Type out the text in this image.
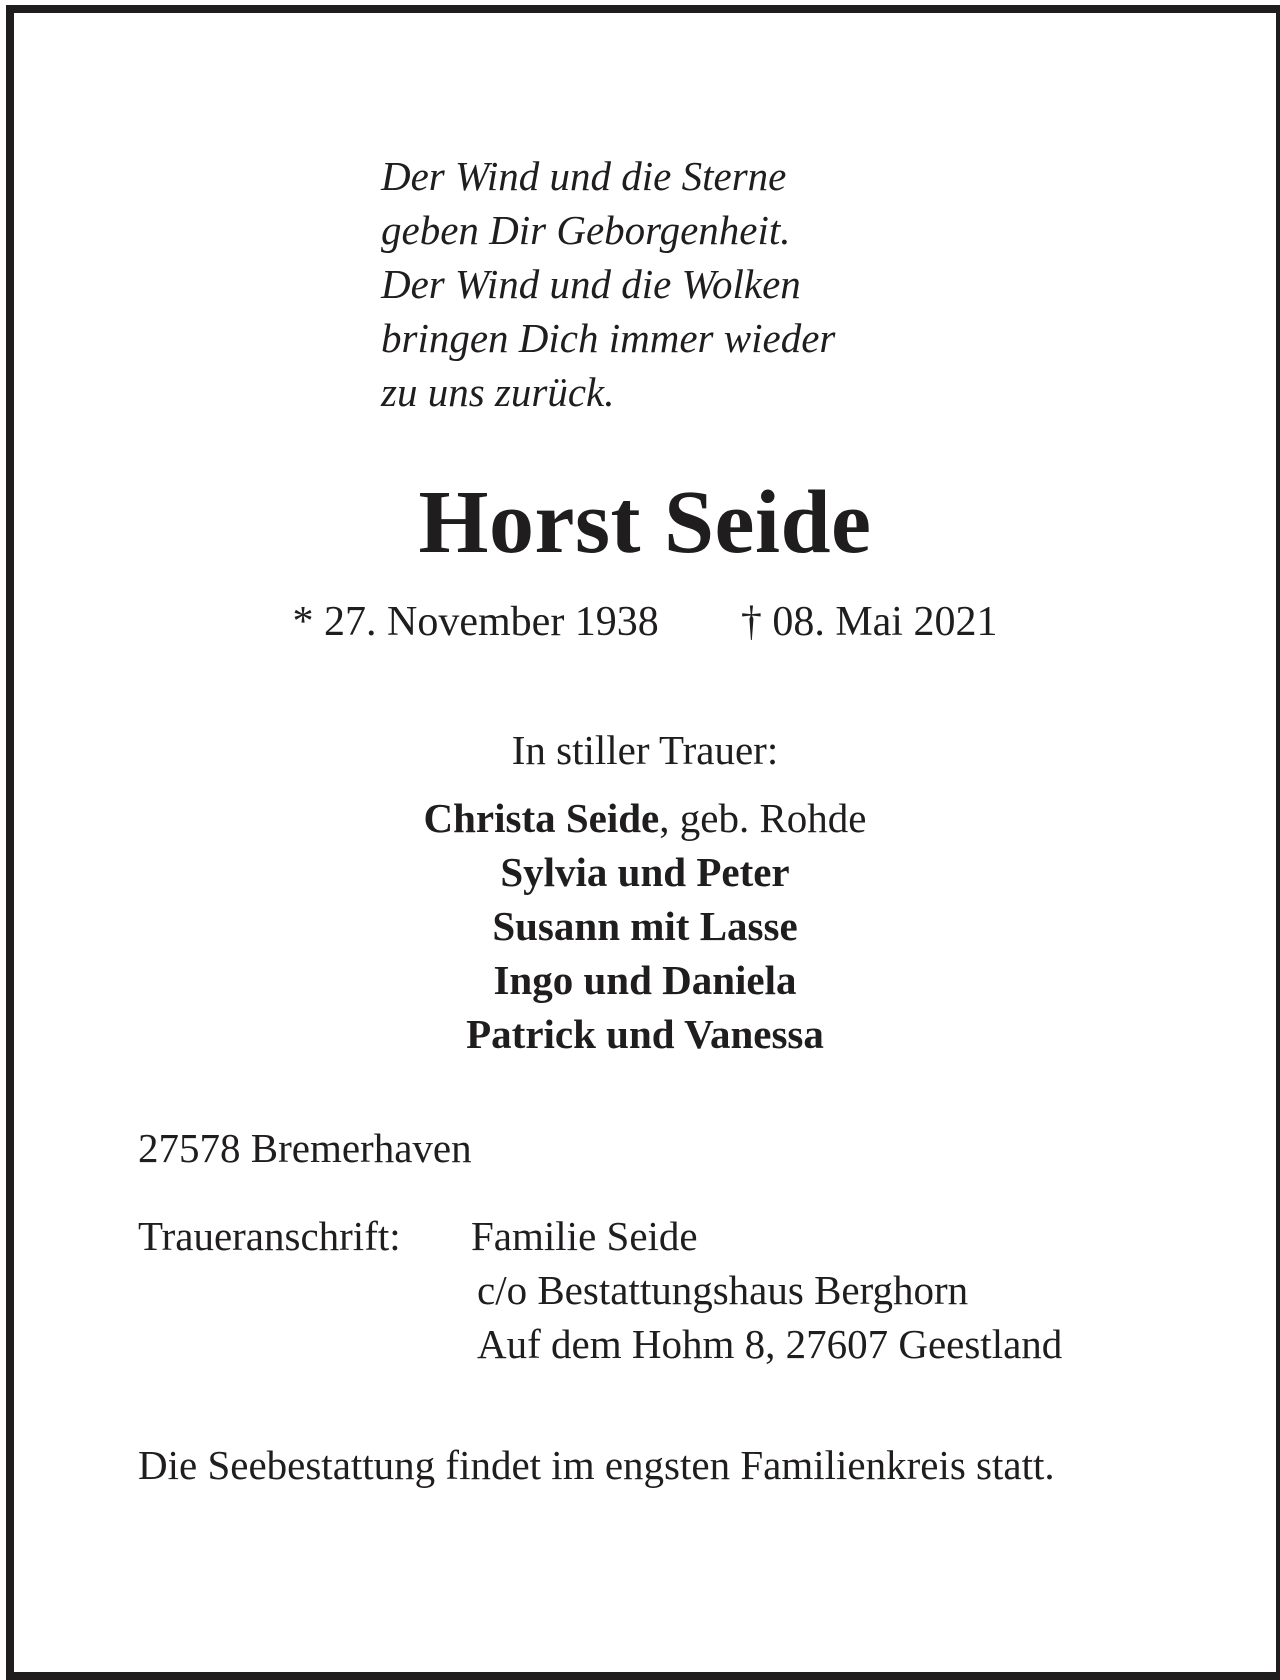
Der Wind und die Sterne
geben Dir Geborgenheit.
Der Wind und die Wolken
bringen Dich immer wieder
zu uns zurück.
Horst Seide
* 27. November 1938 † 08. Mai 2021
In stiller Trauer:
Christa Seide, geb. Rohde
Sylvia und Peter
Susann mit Lasse
Ingo und Daniela
Patrick und Vanessa
27578 Bremerhaven
Traueranschrift: Familie Seide
c/o Bestattungshaus Berghorn
Auf dem Hohm 8, 27607 Geestland
Die Seebestattung findet im engsten Familienkreis statt.
